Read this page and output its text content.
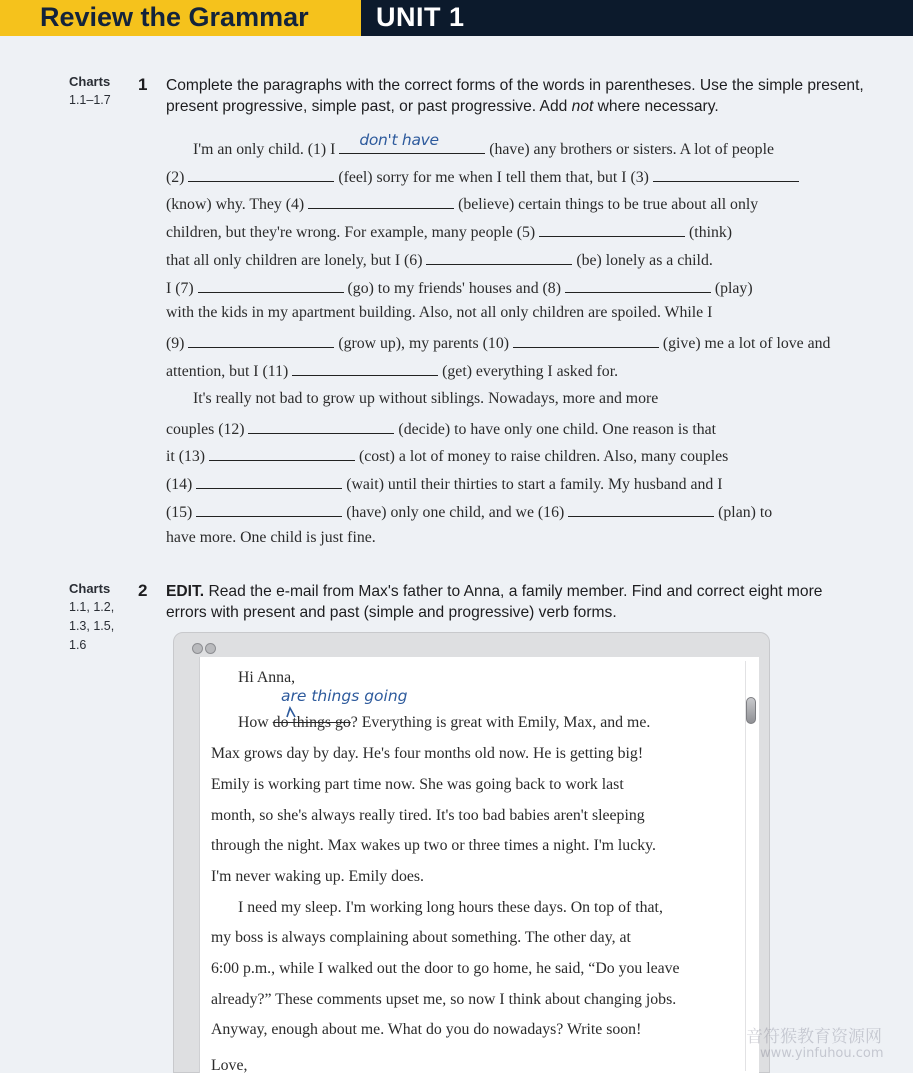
Review the Grammar UNIT 1
Charts
1.1–1.7
1 Complete the paragraphs with the correct forms of the words in parentheses. Use the simple present, present progressive, simple past, or past progressive. Add not where necessary.
I'm an only child. (1) I
don't have
(have) any brothers or sisters. A lot of people
(2)	(feel) sorry for me when I tell them that, but I (3)
(know) why. They (4)	(believe) certain things to be true about all only
children, but they're wrong. For example, many people (5)	(think)
that all only children are lonely, but I (6)	(be) lonely as a child.
I (7)	(go) to my friends' houses and (8)	(play)
with the kids in my apartment building. Also, not all only children are spoiled. While I
(9)	(grow up), my parents (10)	(give) me a lot of love and
attention, but I (11)	(get) everything I asked for.
It's really not bad to grow up without siblings. Nowadays, more and more
couples (12)	(decide) to have only one child. One reason is that
it (13)	(cost) a lot of money to raise children. Also, many couples
(14)	(wait) until their thirties to start a family. My husband and I
(15)	(have) only one child, and we (16)	(plan) to
have more. One child is just fine.
Charts
1.1, 1.2,
1.3, 1.5,
1.6
2 EDIT. Read the e-mail from Max's father to Anna, a family member. Find and correct eight more errors with present and past (simple and progressive) verb forms.
are things going
Hi Anna,
How do things go? Everything is great with Emily, Max, and me.
Max grows day by day. He's four months old now. He is getting big!
Emily is working part time now. She was going back to work last
month, so she's always really tired. It's too bad babies aren't sleeping
through the night. Max wakes up two or three times a night. I'm lucky.
I'm never waking up. Emily does.
I need my sleep. I'm working long hours these days. On top of that,
my boss is always complaining about something. The other day, at
6:00 p.m., while I walked out the door to go home, he said, “Do you leave
already?” These comments upset me, so now I think about changing jobs.
Anyway, enough about me. What do you do nowadays? Write soon!
Love,
音符猴教育资源网
www.yinfuhou.com
